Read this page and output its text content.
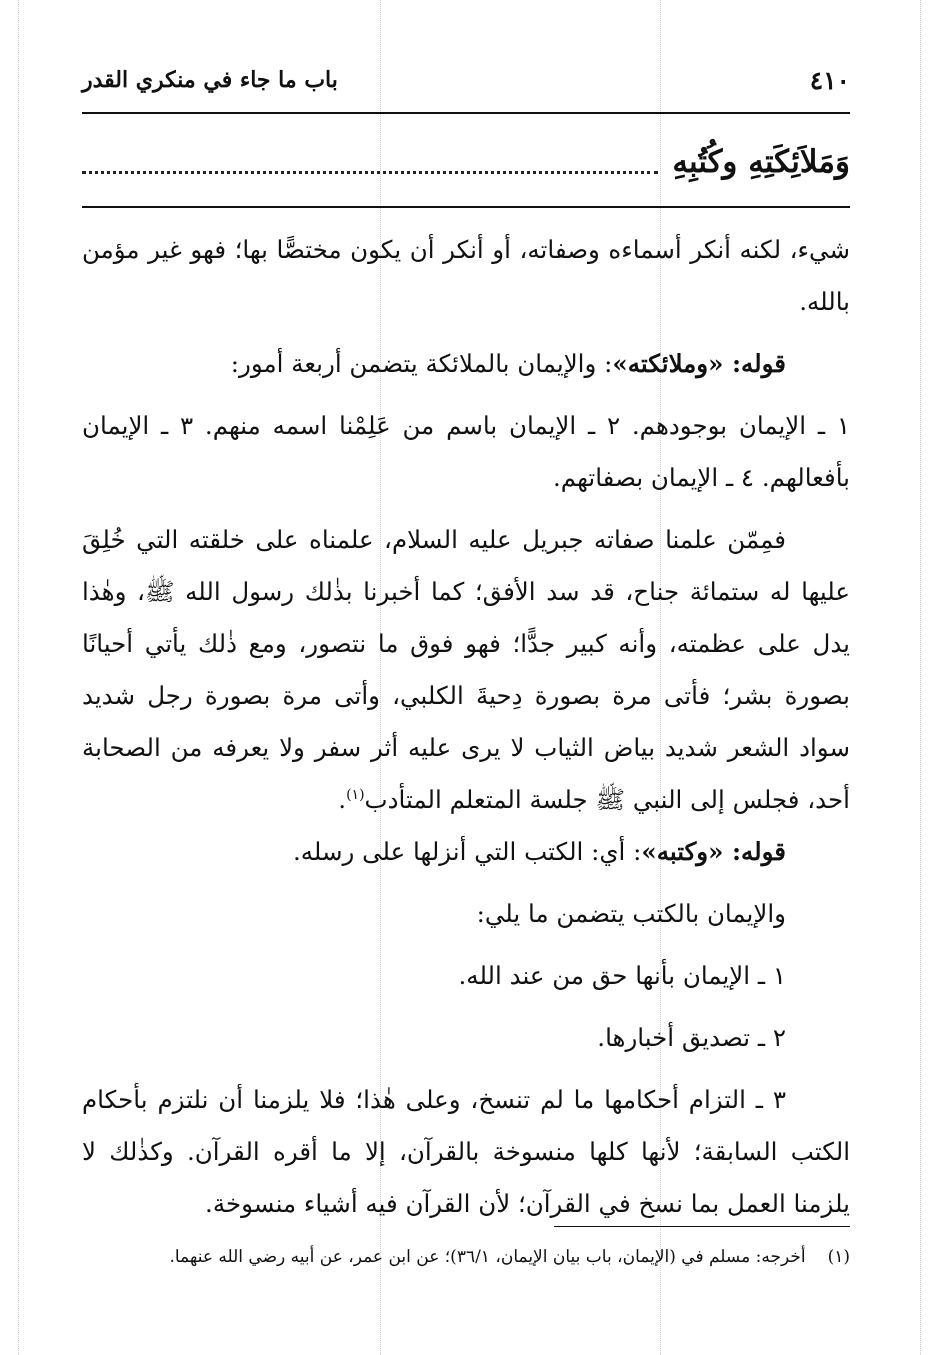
٤١٠
باب ما جاء في منكري القدر
وَمَلاَئِكَتِهِ وكُتُبِهِ

شيء، لكنه أنكر أسماءه وصفاته، أو أنكر أن يكون مختصًّا بها؛ فهو غير مؤمن بالله.

قوله: «وملائكته»: والإيمان بالملائكة يتضمن أربعة أمور:

١ ـ الإيمان بوجودهم. ٢ ـ الإيمان باسم من عَلِمْنا اسمه منهم. ٣ ـ الإيمان بأفعالهم. ٤ ـ الإيمان بصفاتهم.

فمِمّن علمنا صفاته جبريل عليه السلام، علمناه على خلقته التي خُلِقَ عليها له ستمائة جناح، قد سد الأفق؛ كما أخبرنا بذٰلك رسول الله ﷺ، وهٰذا يدل على عظمته، وأنه كبير جدًّا؛ فهو فوق ما نتصور، ومع ذٰلك يأتي أحيانًا بصورة بشر؛ فأتى مرة بصورة دِحيةَ الكلبي، وأتى مرة بصورة رجل شديد سواد الشعر شديد بياض الثياب لا يرى عليه أثر سفر ولا يعرفه من الصحابة أحد، فجلس إلى النبي ﷺ جلسة المتعلم المتأدب$^{(١)}$.

قوله: «وكتبه»: أي: الكتب التي أنزلها على رسله.

والإيمان بالكتب يتضمن ما يلي:

١ ـ الإيمان بأنها حق من عند الله.

٢ ـ تصديق أخبارها.

٣ ـ التزام أحكامها ما لم تنسخ، وعلى هٰذا؛ فلا يلزمنا أن نلتزم بأحكام الكتب السابقة؛ لأنها كلها منسوخة بالقرآن، إلا ما أقره القرآن. وكذٰلك لا يلزمنا العمل بما نسخ في القرآن؛ لأن القرآن فيه أشياء منسوخة.

(١)أخرجه: مسلم في (الإيمان، باب بيان الإيمان، ٣٦/١)؛ عن ابن عمر، عن أبيه رضي الله عنهما.
